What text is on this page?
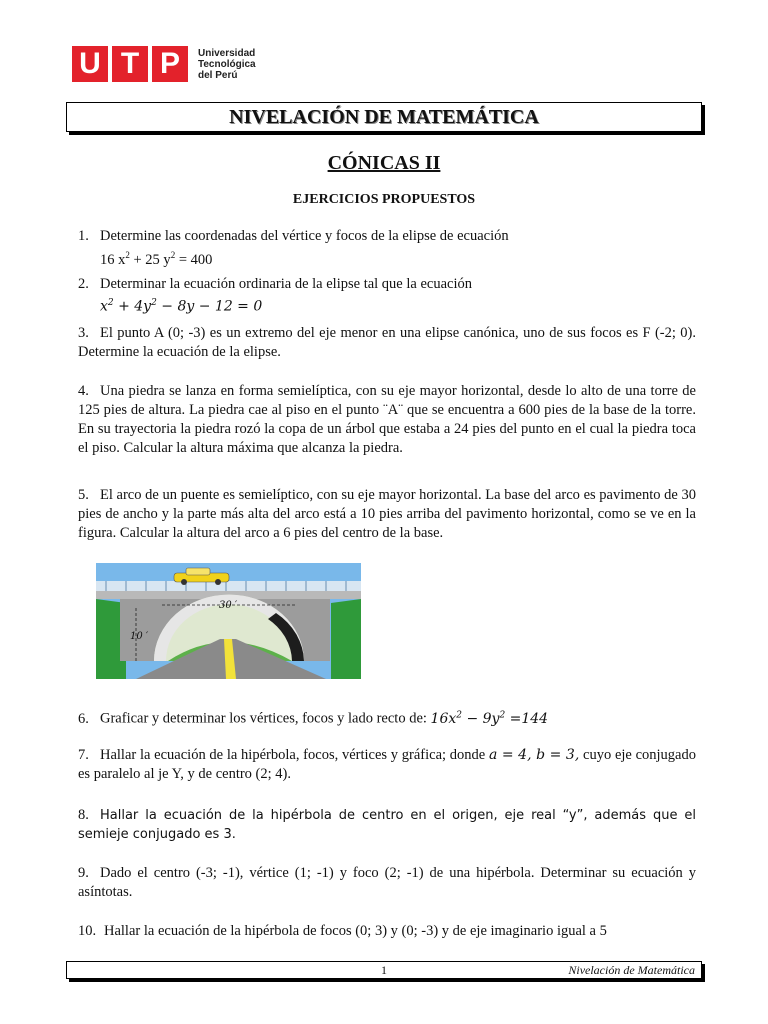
U T P	Universidad
Tecnológica
del Perú
NIVELACIÓN DE MATEMÁTICA
CÓNICAS II
EJERCICIOS PROPUESTOS
1. Determine las coordenadas del vértice y focos de la elipse de ecuación
16 $x^2 + 25$ $y^2 = 400$
2. Determinar la ecuación ordinaria de la elipse tal que la ecuación
$x^2 + 4y^2 - 8y - 12 = 0$
3. El punto A (0; -3) es un extremo del eje menor en una elipse canónica, uno de sus focos es F (-2; 0). Determine la ecuación de la elipse.
4. Una piedra se lanza en forma semielíptica, con su eje mayor horizontal, desde lo alto de una torre de 125 pies de altura. La piedra cae al piso en el punto ¨A¨ que se encuentra a 600 pies de la base de la torre. En su trayectoria la piedra rozó la copa de un árbol que estaba a 24 pies del punto en el cual la piedra toca el piso. Calcular la altura máxima que alcanza la piedra.
5. El arco de un puente es semielíptico, con su eje mayor horizontal. La base del arco es pavimento de 30 pies de ancho y la parte más alta del arco está a 10 pies arriba del pavimento horizontal, como se ve en la figura. Calcular la altura del arco a 6 pies del centro de la base.
30 ′
10 ′
6. Graficar y determinar los vértices, focos y lado recto de: $16x^2 - 9y^2 =144$
7. Hallar la ecuación de la hipérbola, focos, vértices y gráfica; donde a = 4, b = 3, cuyo eje conjugado es paralelo al je Y, y de centro (2; 4).
8. Hallar la ecuación de la hipérbola de centro en el origen, eje real “y”, además que el semieje conjugado es 3.
9. Dado el centro (-3; -1), vértice (1; -1) y foco (2; -1) de una hipérbola. Determinar su ecuación y asíntotas.
10. Hallar la ecuación de la hipérbola de focos (0; 3) y (0; -3) y de eje imaginario igual a 5
1	Nivelación de Matemática
